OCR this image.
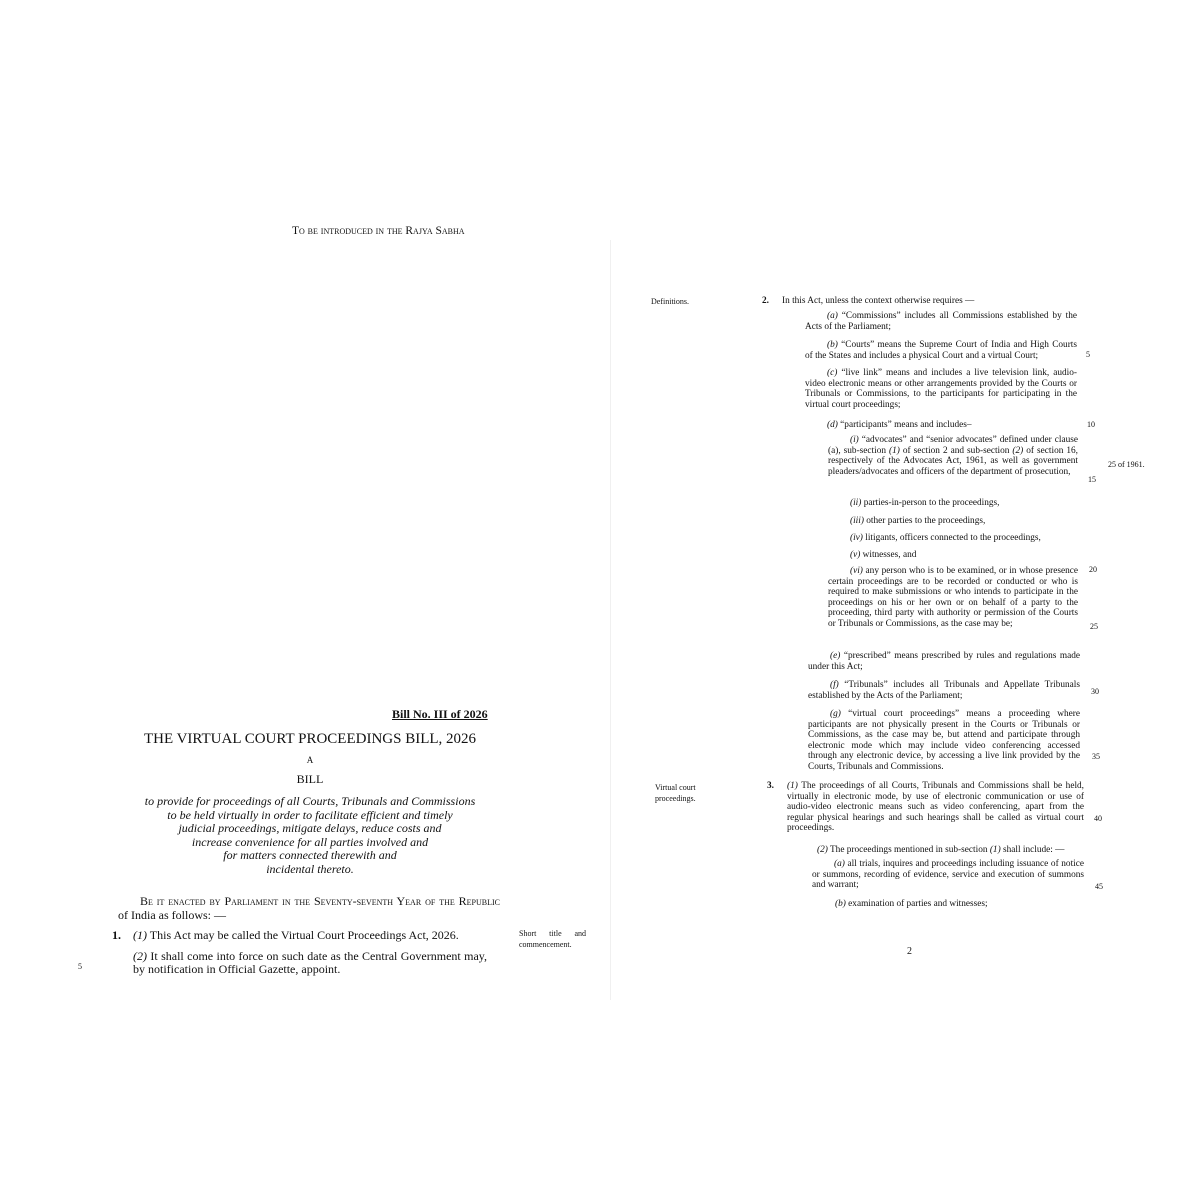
To be introduced in the Rajya Sabha
Bill No. III of 2026
THE VIRTUAL COURT PROCEEDINGS BILL, 2026
A
BILL
to provide for proceedings of all Courts, Tribunals and Commissions
to be held virtually in order to facilitate efficient and timely
judicial proceedings, mitigate delays, reduce costs and
increase convenience for all parties involved and
for matters connected therewith and
incidental thereto.
Be it enacted by Parliament in the Seventy-seventh Year of the Republic
of India as follows: —
1. (1) This Act may be called the Virtual Court Proceedings Act, 2026.
(2) It shall come into force on such date as the Central Government may,
by notification in Official Gazette, appoint.
Short title and
commencement.
5
Definitions.	2. In this Act, unless the context otherwise requires —
(a) “Commissions” includes all Commissions established by the Acts of the Parliament;
(b) “Courts” means the Supreme Court of India and High Courts of the States and includes a physical Court and a virtual Court;
(c) “live link” means and includes a live television link, audio-video electronic means or other arrangements provided by the Courts or Tribunals or Commissions, to the participants for participating in the virtual court proceedings;
(d) “participants” means and includes–
(i) “advocates” and “senior advocates” defined under clause (a), sub-section (1) of section 2 and sub-section (2) of section 16, respectively of the Advocates Act, 1961, as well as government pleaders/advocates and officers of the department of prosecution,
(ii) parties-in-person to the proceedings,
(iii) other parties to the proceedings,
(iv) litigants, officers connected to the proceedings,
(v) witnesses, and
(vi) any person who is to be examined, or in whose presence certain proceedings are to be recorded or conducted or who is required to make submissions or who intends to participate in the proceedings on his or her own or on behalf of a party to the proceeding, third party with authority or permission of the Courts or Tribunals or Commissions, as the case may be;
(e) “prescribed” means prescribed by rules and regulations made under this Act;
(f) “Tribunals” includes all Tribunals and Appellate Tribunals established by the Acts of the Parliament;
(g) “virtual court proceedings” means a proceeding where participants are not physically present in the Courts or Tribunals or Commissions, as the case may be, but attend and participate through electronic mode which may include video conferencing accessed through any electronic device, by accessing a live link provided by the Courts, Tribunals and Commissions.
Virtual court
proceedings.
3. (1) The proceedings of all Courts, Tribunals and Commissions shall be held, virtually in electronic mode, by use of electronic communication or use of audio-video electronic means such as video conferencing, apart from the regular physical hearings and such hearings shall be called as virtual court proceedings.
(2) The proceedings mentioned in sub-section (1) shall include: —
(a) all trials, inquires and proceedings including issuance of notice or summons, recording of evidence, service and execution of summons and warrant;
(b) examination of parties and witnesses;
25 of 1961.
5
10
15
20
25
30
35
40
45
2
